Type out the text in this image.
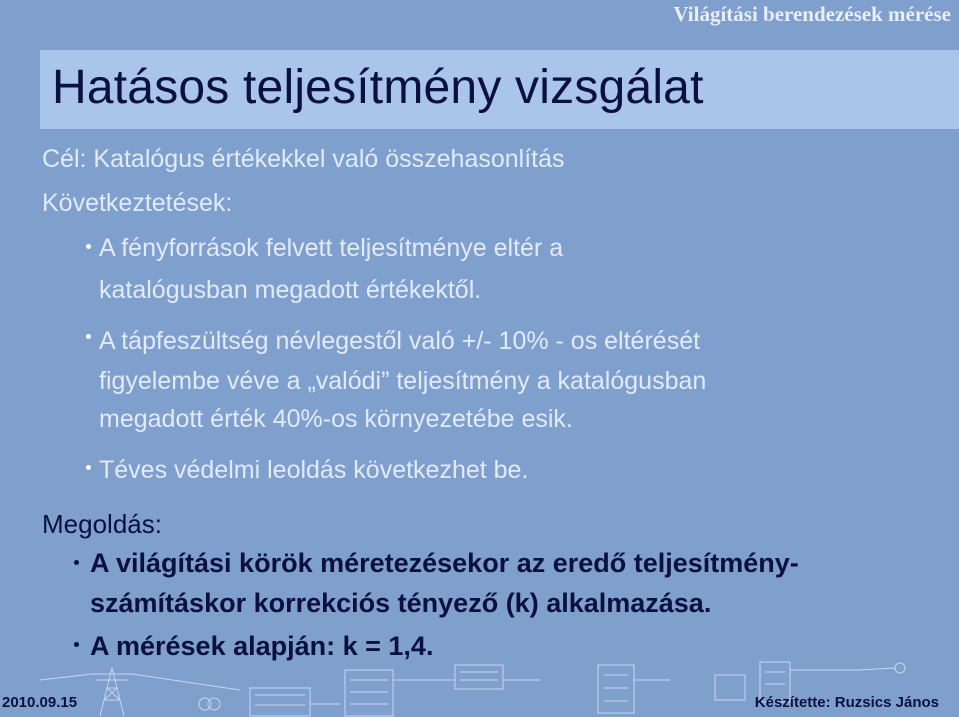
Világítási berendezések mérése
Hatásos teljesítmény vizsgálat
Cél: Katalógus értékekkel való összehasonlítás
Következtetések:
A fényforrások felvett teljesítménye eltér a
katalógusban megadott értékektől.
A tápfeszültség névlegestől való +/- 10% - os eltérését
figyelembe véve a „valódi” teljesítmény a katalógusban
megadott érték 40%-os környezetébe esik.
Téves védelmi leoldás következhet be.
Megoldás:
A világítási körök méretezésekor az eredő teljesítmény-
számításkor korrekciós tényező (k) alkalmazása.
A mérések alapján: k = 1,4.
2010.09.15	Készítette: Ruzsics János
